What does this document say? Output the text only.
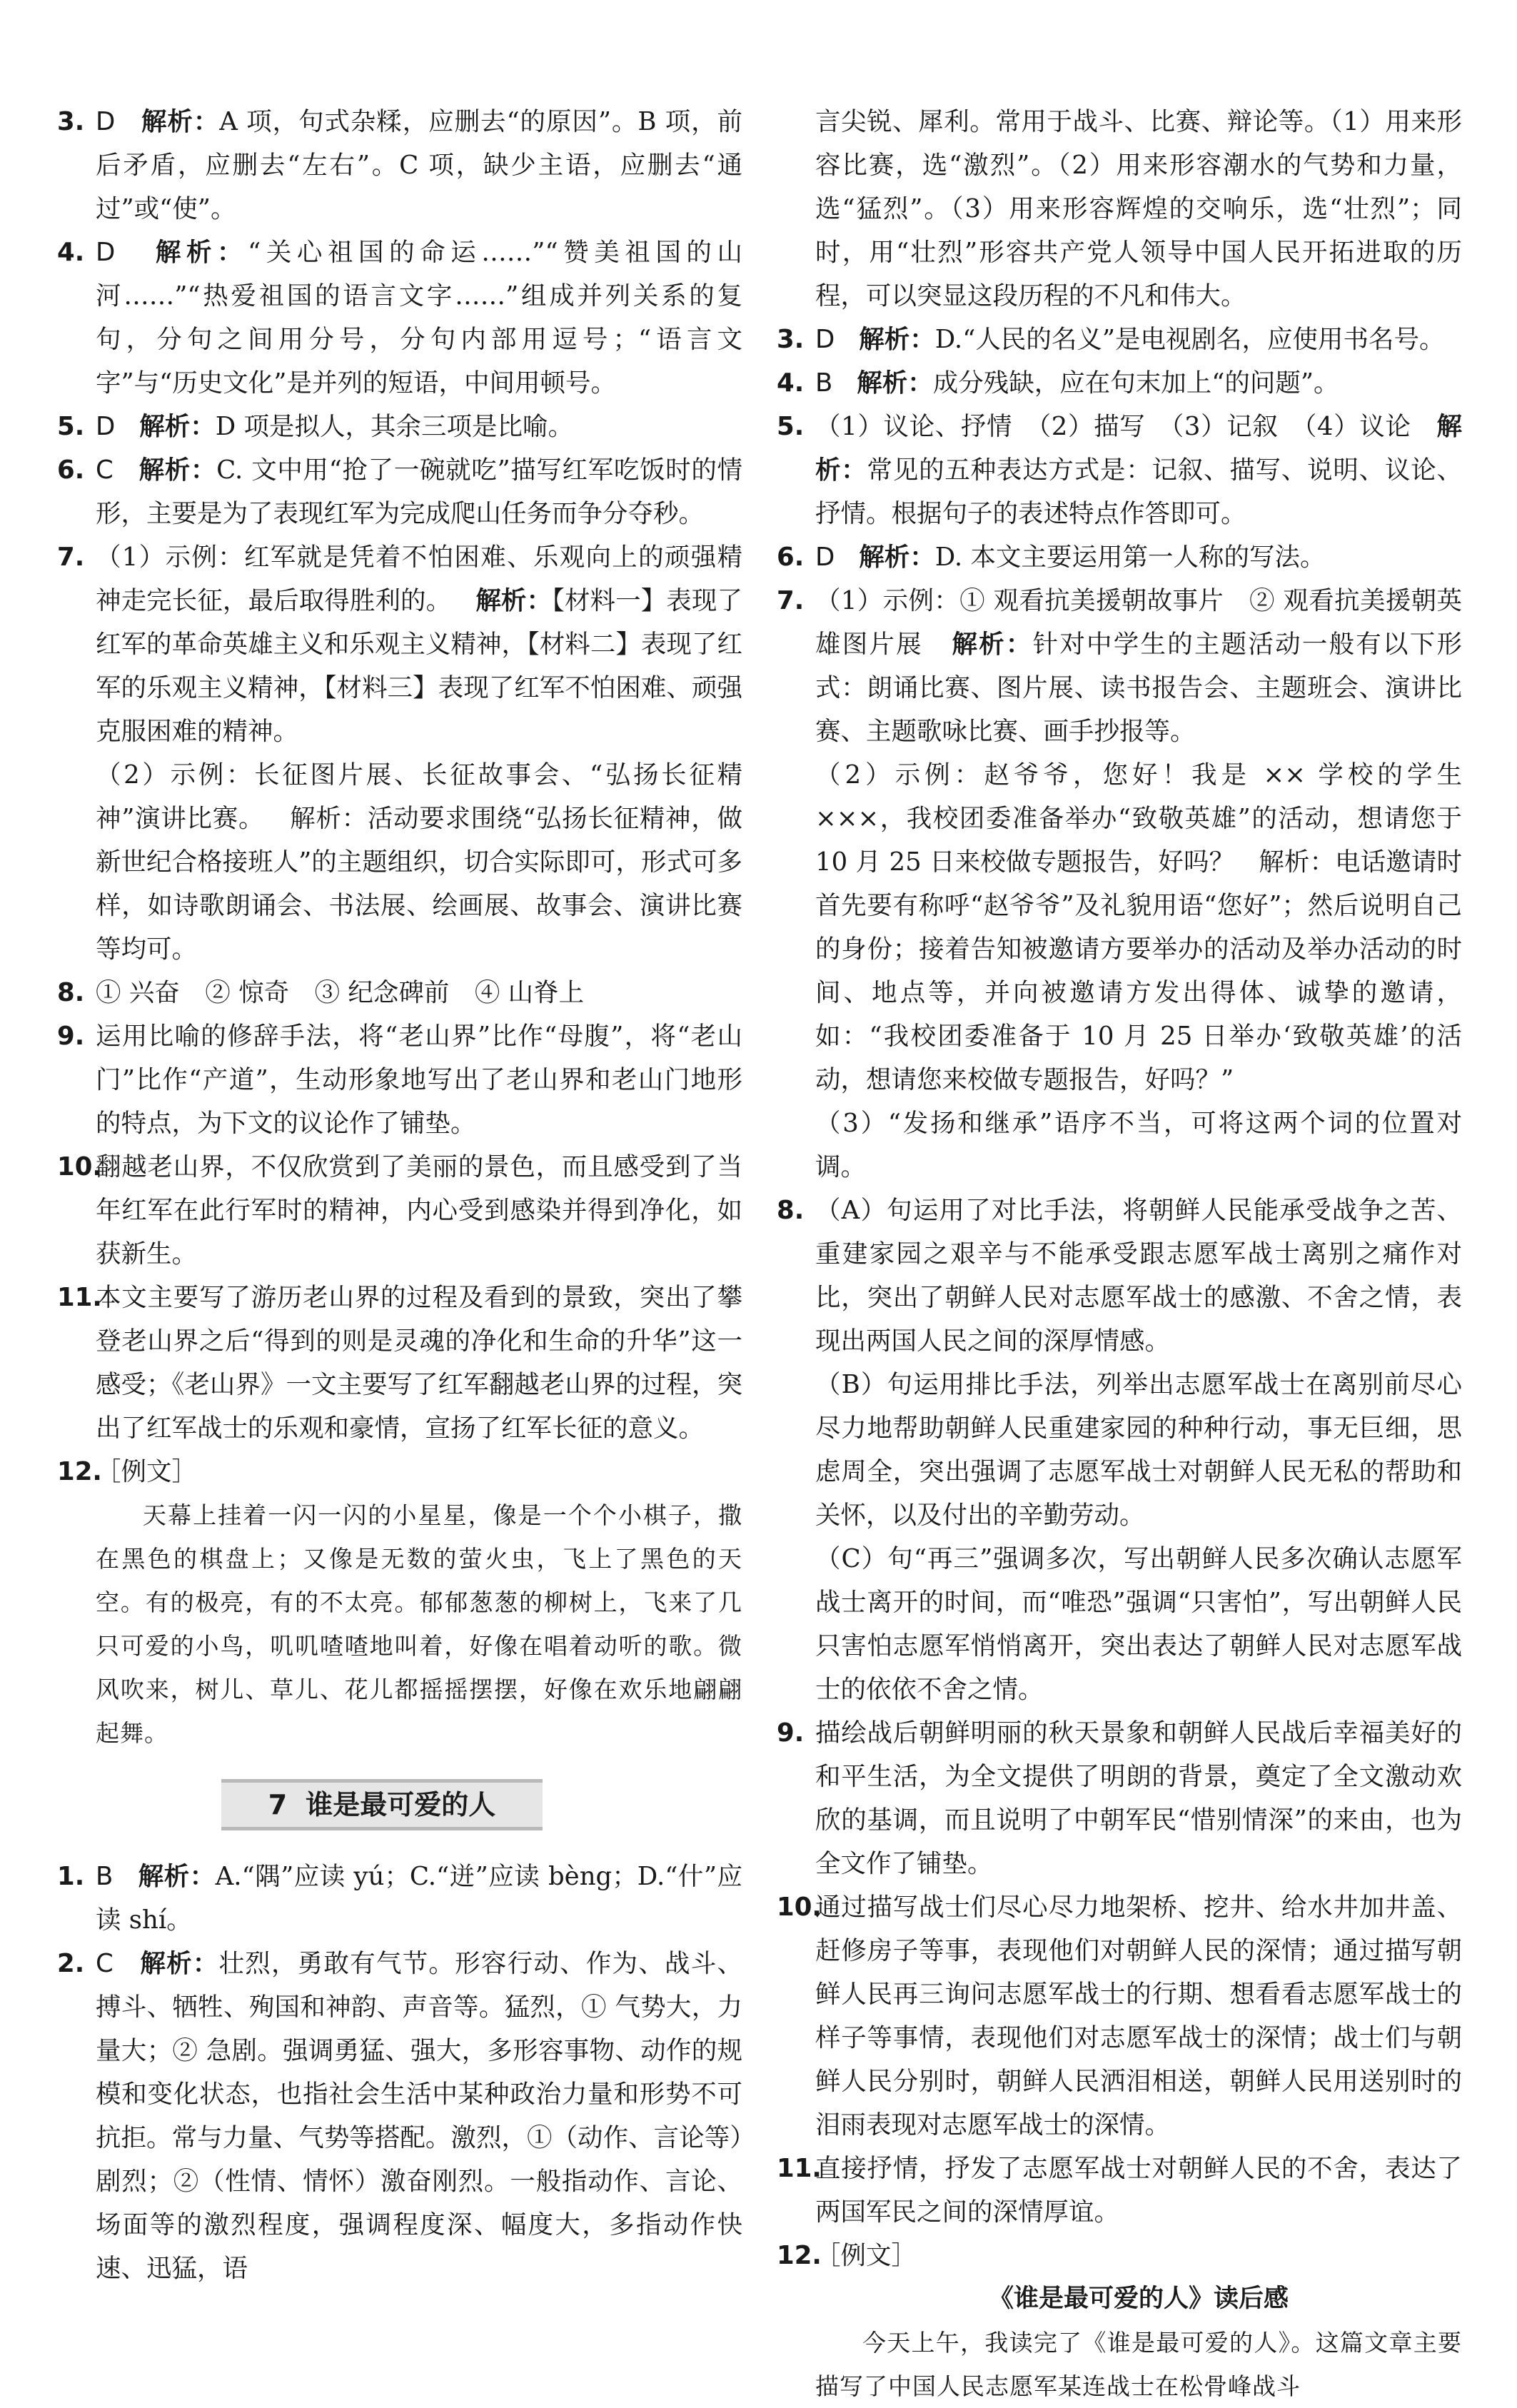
3. D 解析：A 项，句式杂糅，应删去“的原因”。B 项，前后矛盾，应删去“左右”。C 项，缺少主语，应删去“通过”或“使”。
4. D 解析：“关心祖国的命运……”“赞美祖国的山河……”“热爱祖国的语言文字……”组成并列关系的复句，分句之间用分号，分句内部用逗号；“语言文字”与“历史文化”是并列的短语，中间用顿号。
5. D 解析：D 项是拟人，其余三项是比喻。
6. C 解析：C. 文中用“抢了一碗就吃”描写红军吃饭时的情形，主要是为了表现红军为完成爬山任务而争分夺秒。
7. （1）示例：红军就是凭着不怕困难、乐观向上的顽强精神走完长征，最后取得胜利的。 解析：【材料一】表现了红军的革命英雄主义和乐观主义精神，【材料二】表现了红军的乐观主义精神，【材料三】表现了红军不怕困难、顽强克服困难的精神。
（2）示例：长征图片展、长征故事会、“弘扬长征精神”演讲比赛。 解析：活动要求围绕“弘扬长征精神，做新世纪合格接班人”的主题组织，切合实际即可，形式可多样，如诗歌朗诵会、书法展、绘画展、故事会、演讲比赛等均可。
8. ① 兴奋　② 惊奇　③ 纪念碑前　④ 山脊上
9. 运用比喻的修辞手法，将“老山界”比作“母腹”，将“老山门”比作“产道”，生动形象地写出了老山界和老山门地形的特点，为下文的议论作了铺垫。
10.
翻越老山界，不仅欣赏到了美丽的景色，而且感受到了当年红军在此行军时的精神，内心受到感染并得到净化，如获新生。
11.
本文主要写了游历老山界的过程及看到的景致，突出了攀登老山界之后“得到的则是灵魂的净化和生命的升华”这一感受；《老山界》一文主要写了红军翻越老山界的过程，突出了红军战士的乐观和豪情，宣扬了红军长征的意义。
12.
［例文］
天幕上挂着一闪一闪的小星星，像是一个个小棋子，撒在黑色的棋盘上；又像是无数的萤火虫，飞上了黑色的天空。有的极亮，有的不太亮。郁郁葱葱的柳树上，飞来了几只可爱的小鸟，叽叽喳喳地叫着，好像在唱着动听的歌。微风吹来，树儿、草儿、花儿都摇摇摆摆，好像在欢乐地翩翩起舞。
7 谁是最可爱的人
1. B 解析：A.“隅”应读 yú；C.“迸”应读 bèng；D.“什”应读 shí。
2. C 解析：壮烈，勇敢有气节。形容行动、作为、战斗、搏斗、牺牲、殉国和神韵、声音等。猛烈，① 气势大，力量大；② 急剧。强调勇猛、强大，多形容事物、动作的规模和变化状态，也指社会生活中某种政治力量和形势不可抗拒。常与力量、气势等搭配。激烈，①（动作、言论等）剧烈；②（性情、情怀）激奋刚烈。一般指动作、言论、场面等的激烈程度，强调程度深、幅度大，多指动作快速、迅猛，语
言尖锐、犀利。常用于战斗、比赛、辩论等。（1）用来形容比赛，选“激烈”。（2）用来形容潮水的气势和力量，选“猛烈”。（3）用来形容辉煌的交响乐，选“壮烈”；同时，用“壮烈”形容共产党人领导中国人民开拓进取的历程，可以突显这段历程的不凡和伟大。
3. D 解析：D.“人民的名义”是电视剧名，应使用书名号。
4. B 解析：成分残缺，应在句末加上“的问题”。
5. （1）议论、抒情　（2）描写　（3）记叙　（4）议论 解析：常见的五种表达方式是：记叙、描写、说明、议论、抒情。根据句子的表述特点作答即可。
6. D 解析：D. 本文主要运用第一人称的写法。
7. （1）示例：① 观看抗美援朝故事片　② 观看抗美援朝英雄图片展 解析：针对中学生的主题活动一般有以下形式：朗诵比赛、图片展、读书报告会、主题班会、演讲比赛、主题歌咏比赛、画手抄报等。
（2）示例：赵爷爷，您好！我是 ×× 学校的学生 ×××，我校团委准备举办“致敬英雄”的活动，想请您于 10 月 25 日来校做专题报告，好吗？ 解析：电话邀请时首先要有称呼“赵爷爷”及礼貌用语“您好”；然后说明自己的身份；接着告知被邀请方要举办的活动及举办活动的时间、地点等，并向被邀请方发出得体、诚挚的邀请，如：“我校团委准备于 10 月 25 日举办‘致敬英雄’的活动，想请您来校做专题报告，好吗？”
（3）“发扬和继承”语序不当，可将这两个词的位置对调。
8. （A）句运用了对比手法，将朝鲜人民能承受战争之苦、重建家园之艰辛与不能承受跟志愿军战士离别之痛作对比，突出了朝鲜人民对志愿军战士的感激、不舍之情，表现出两国人民之间的深厚情感。
（B）句运用排比手法，列举出志愿军战士在离别前尽心尽力地帮助朝鲜人民重建家园的种种行动，事无巨细，思虑周全，突出强调了志愿军战士对朝鲜人民无私的帮助和关怀，以及付出的辛勤劳动。
（C）句“再三”强调多次，写出朝鲜人民多次确认志愿军战士离开的时间，而“唯恐”强调“只害怕”，写出朝鲜人民只害怕志愿军悄悄离开，突出表达了朝鲜人民对志愿军战士的依依不舍之情。
9. 描绘战后朝鲜明丽的秋天景象和朝鲜人民战后幸福美好的和平生活，为全文提供了明朗的背景，奠定了全文激动欢欣的基调，而且说明了中朝军民“惜别情深”的来由，也为全文作了铺垫。
10.
通过描写战士们尽心尽力地架桥、挖井、给水井加井盖、赶修房子等事，表现他们对朝鲜人民的深情；通过描写朝鲜人民再三询问志愿军战士的行期、想看看志愿军战士的样子等事情，表现他们对志愿军战士的深情；战士们与朝鲜人民分别时，朝鲜人民洒泪相送，朝鲜人民用送别时的泪雨表现对志愿军战士的深情。
11.
直接抒情，抒发了志愿军战士对朝鲜人民的不舍，表达了两国军民之间的深情厚谊。
12.
［例文］
《谁是最可爱的人》读后感
今天上午，我读完了《谁是最可爱的人》。这篇文章主要描写了中国人民志愿军某连战士在松骨峰战斗
